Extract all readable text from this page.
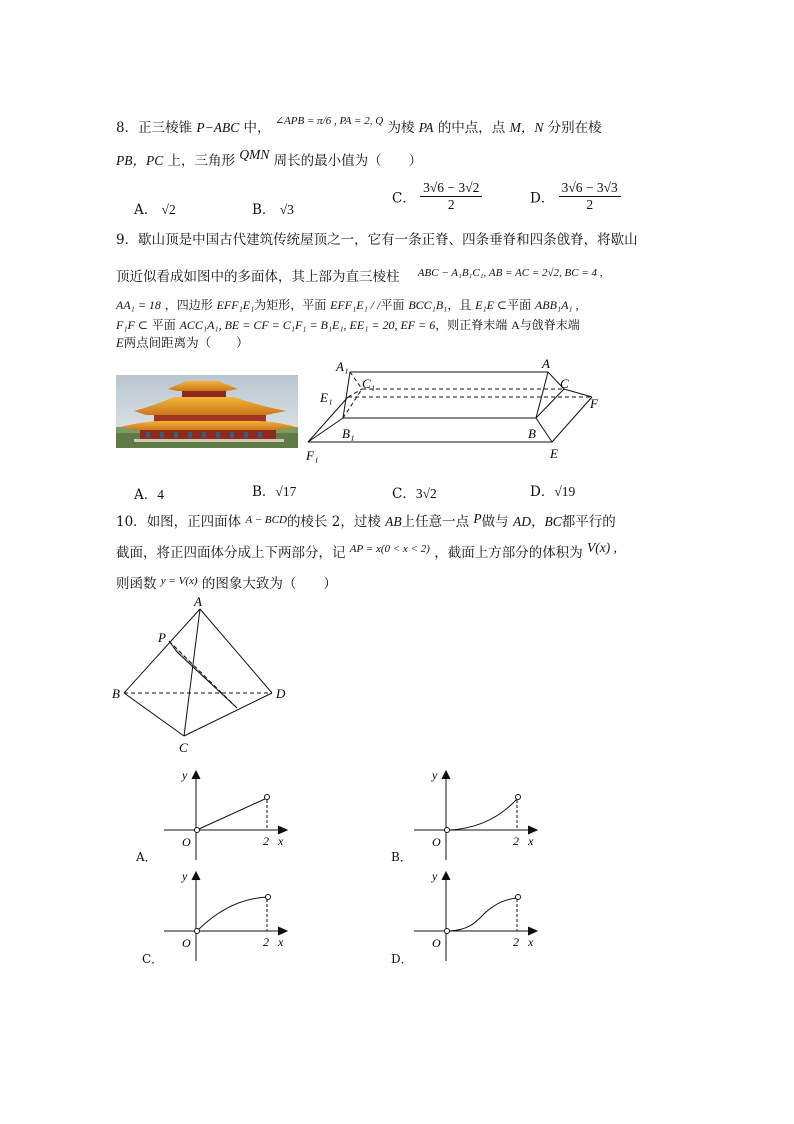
8．正三棱锥 P−ABC 中， $^{\angle APB = \pi/6 , PA = 2, Q}$ 为棱 PA 的中点，点 M，N 分别在棱
PB，PC 上，三角形 QMN 周长的最小值为（　　）
A． √2	B． √3
C． $\frac{3√6 - 3√2}{2}$	D． $\frac{3√6 - 3√3}{2}$
9．歇山顶是中国古代建筑传统屋顶之一，它有一条正脊、四条垂脊和四条戗脊，将歇山
顶近似看成如图中的多面体，其上部为直三棱柱 $^{ABC - A_1B_1C_1, AB = AC = 2√2, BC = 4 ,}$
AA₁ = 18 ，四边形 EFF₁E₁为矩形，平面 EFF₁E₁ / /平面 BCC₁B₁，且 E₁E ⊂平面 ABB₁A₁ ,
F₁F ⊂ 平面 ACC₁A₁, BE = CF = C₁F₁ = B₁E₁, EE₁ = 20, EF = 6，则正脊末端 A与戗脊末端
E两点间距离为（　　）
A₁
C₁
A
C
E₁	F
B₁	B
F₁	E
A．4	B．√17	C．3√2	D．√19
10．如图，正四面体 $^{A - BCD}$的棱长 2，过棱 AB上任意一点 P做与 AD，BC都平行的
截面，将正四面体分成上下两部分，记 $^{AP = x(0 < x < 2)}$ ，截面上方部分的体积为 V(x) ,
则函数 $^{y = V(x)}$ 的图象大致为（　　）
A
P
B	D
C
y
O	2 x
A．
y
O	2 x
B．
y
O	2 x
C．
y
O	2 x
D．
